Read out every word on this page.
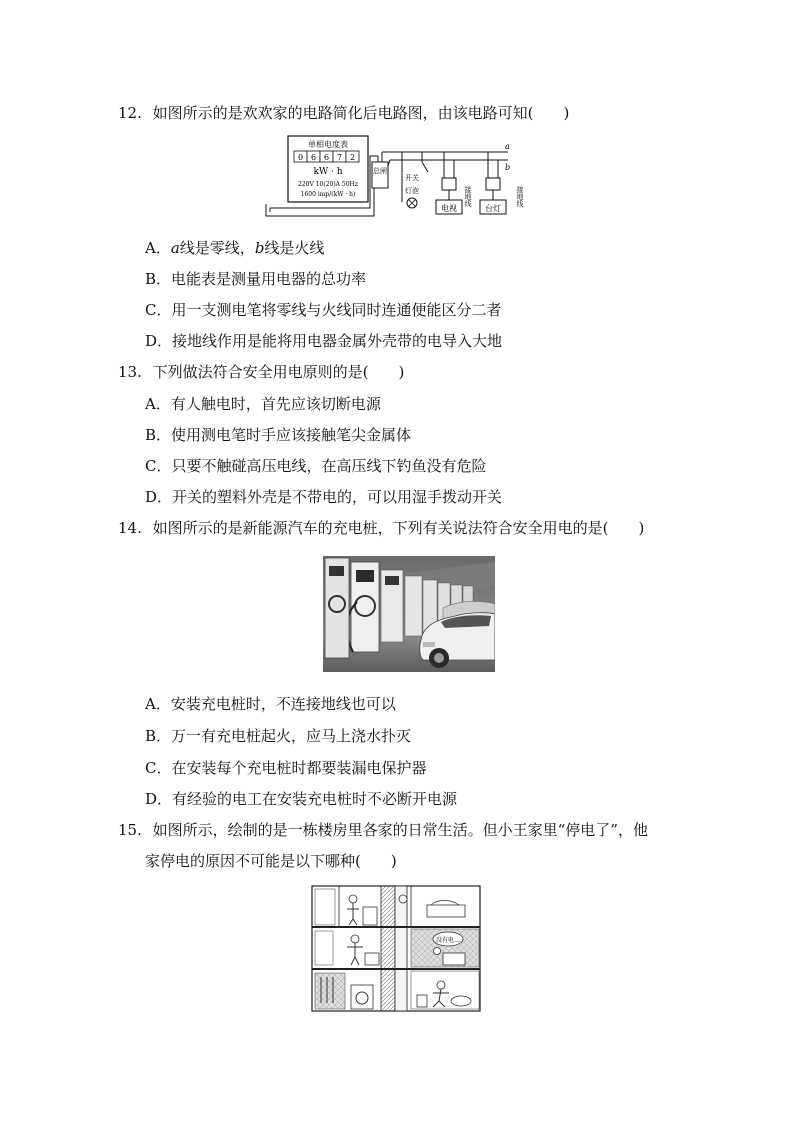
12. 如图所示的是欢欢家的电路简化后电路图，由该电路可知(　　)
单相电度表
0 6 6 7 2
kW · h
220V 10(20)A 50Hz
1600 imp/(kW · h)
总闸
a
b
开关
灯泡
电视
接地线
台灯
接地线
A．a线是零线，b线是火线
B．电能表是测量用电器的总功率
C．用一支测电笔将零线与火线同时连通便能区分二者
D．接地线作用是能将用电器金属外壳带的电导入大地
13. 下列做法符合安全用电原则的是(　　)
A．有人触电时，首先应该切断电源
B．使用测电笔时手应该接触笔尖金属体
C．只要不触碰高压电线，在高压线下钓鱼没有危险
D．开关的塑料外壳是不带电的，可以用湿手拨动开关
14. 如图所示的是新能源汽车的充电桩，下列有关说法符合安全用电的是(　　)
A．安装充电桩时，不连接地线也可以
B．万一有充电桩起火，应马上浇水扑灭
C．在安装每个充电桩时都要装漏电保护器
D．有经验的电工在安装充电桩时不必断开电源
15. 如图所示，绘制的是一栋楼房里各家的日常生活。但小王家里“停电了”，他
家停电的原因不可能是以下哪种(　　)
没有电…
